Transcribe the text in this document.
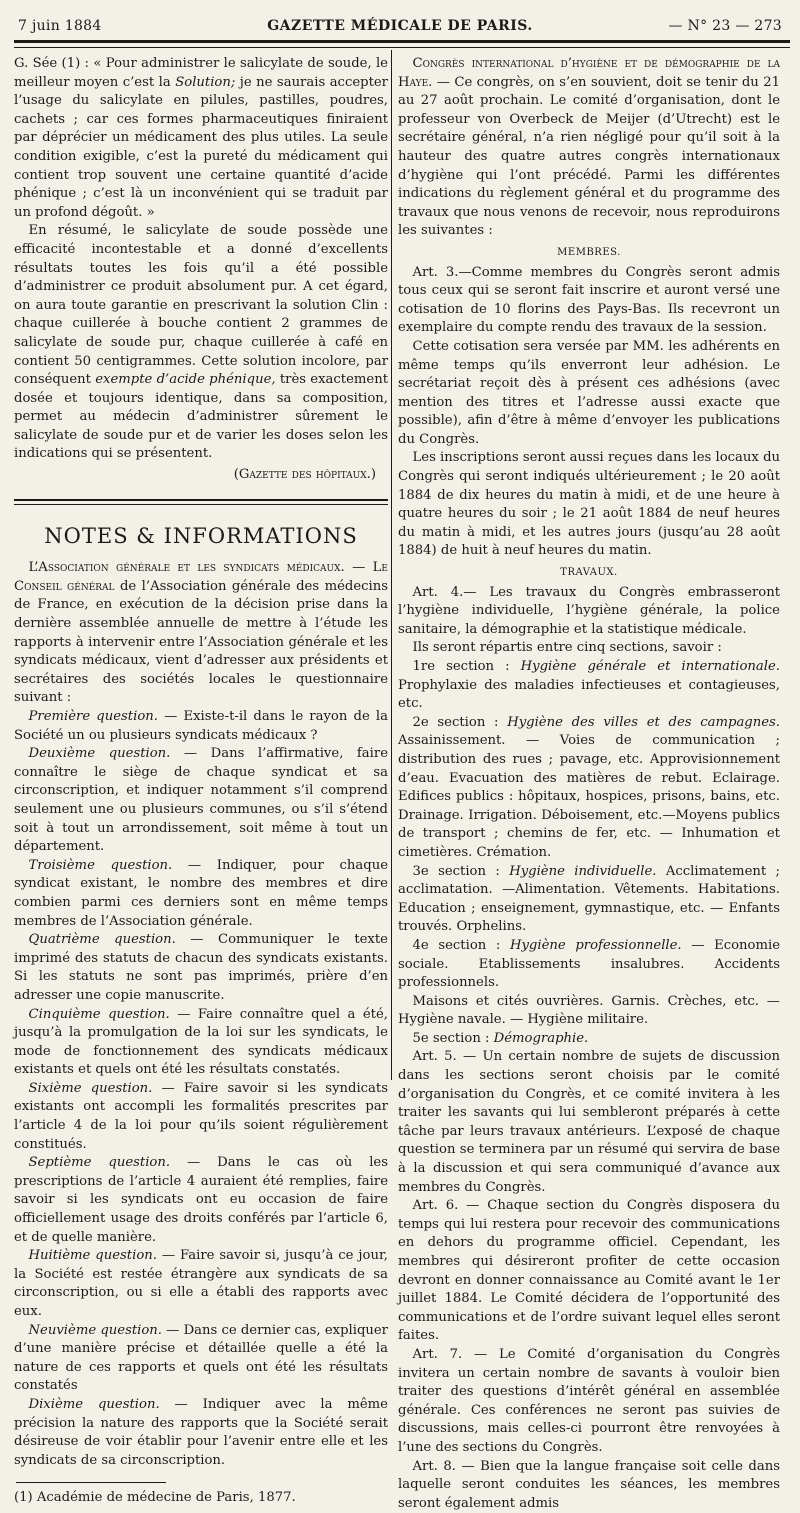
7 juin 1884	GAZETTE MÉDICALE DE PARIS.	— N° 23 — 273

G. Sée (1) : « Pour administrer le salicylate de soude, le meilleur moyen c’est la Solution; je ne saurais accepter l’usage du salicylate en pilules, pastilles, poudres, cachets ; car ces formes pharmaceutiques finiraient par déprécier un médicament des plus utiles. La seule condition exigible, c’est la pureté du médicament qui contient trop souvent une certaine quantité d’acide phénique ; c’est là un inconvénient qui se traduit par un profond dégoût. »

En résumé, le salicylate de soude possède une efficacité incontestable et a donné d’excellents résultats toutes les fois qu’il a été possible d’administrer ce produit absolument pur. A cet égard, on aura toute garantie en prescrivant la solution Clin : chaque cuillerée à bouche contient 2 grammes de salicylate de soude pur, chaque cuillerée à café en contient 50 centigrammes. Cette solution incolore, par conséquent exempte d’acide phénique, très exactement dosée et toujours identique, dans sa composition, permet au médecin d’administrer sûrement le salicylate de soude pur et de varier les doses selon les indications qui se présentent.

(Gazette des hôpitaux.)

NOTES & INFORMATIONS

L’Association générale et les syndicats médicaux. — Le Conseil général de l’Association générale des médecins de France, en exécution de la décision prise dans la dernière assemblée annuelle de mettre à l’étude les rapports à intervenir entre l’Association générale et les syndicats médicaux, vient d’adresser aux présidents et secrétaires des sociétés locales le questionnaire suivant :

Première question. — Existe-t-il dans le rayon de la Société un ou plusieurs syndicats médicaux ?

Deuxième question. — Dans l’affirmative, faire connaître le siège de chaque syndicat et sa circonscription, et indiquer notamment s’il comprend seulement une ou plusieurs communes, ou s’il s’étend soit à tout un arrondissement, soit même à tout un département.

Troisième question. — Indiquer, pour chaque syndicat existant, le nombre des membres et dire combien parmi ces derniers sont en même temps membres de l’Association générale.

Quatrième question. — Communiquer le texte imprimé des statuts de chacun des syndicats existants. Si les statuts ne sont pas imprimés, prière d’en adresser une copie manuscrite.

Cinquième question. — Faire connaître quel a été, jusqu’à la promulgation de la loi sur les syndicats, le mode de fonctionnement des syndicats médicaux existants et quels ont été les résultats constatés.

Sixième question. — Faire savoir si les syndicats existants ont accompli les formalités prescrites par l’article 4 de la loi pour qu’ils soient régulièrement constitués.

Septième question. — Dans le cas où les prescriptions de l’article 4 auraient été remplies, faire savoir si les syndicats ont eu occasion de faire officiellement usage des droits conférés par l’article 6, et de quelle manière.

Huitième question. — Faire savoir si, jusqu’à ce jour, la Société est restée étrangère aux syndicats de sa circonscription, ou si elle a établi des rapports avec eux.

Neuvième question. — Dans ce dernier cas, expliquer d’une manière précise et détaillée quelle a été la nature de ces rapports et quels ont été les résultats constatés

Dixième question. — Indiquer avec la même précision la nature des rapports que la Société serait désireuse de voir établir pour l’avenir entre elle et les syndicats de sa circonscription.

(1) Académie de médecine de Paris, 1877.

Congrès international d’hygiène et de démographie de la Haye. — Ce congrès, on s’en souvient, doit se tenir du 21 au 27 août prochain. Le comité d’organisation, dont le professeur von Overbeck de Meijer (d’Utrecht) est le secrétaire général, n’a rien négligé pour qu’il soit à la hauteur des quatre autres congrès internationaux d’hygiène qui l’ont précédé. Parmi les différentes indications du règlement général et du programme des travaux que nous venons de recevoir, nous reproduirons les suivantes :

MEMBRES.

Art. 3.—Comme membres du Congrès seront admis tous ceux qui se seront fait inscrire et auront versé une cotisation de 10 florins des Pays-Bas. Ils recevront un exemplaire du compte rendu des travaux de la session.

Cette cotisation sera versée par MM. les adhérents en même temps qu’ils enverront leur adhésion. Le secrétariat reçoit dès à présent ces adhésions (avec mention des titres et l’adresse aussi exacte que possible), afin d’être à même d’envoyer les publications du Congrès.

Les inscriptions seront aussi reçues dans les locaux du Congrès qui seront indiqués ultérieurement ; le 20 août 1884 de dix heures du matin à midi, et de une heure à quatre heures du soir ; le 21 août 1884 de neuf heures du matin à midi, et les autres jours (jusqu’au 28 août 1884) de huit à neuf heures du matin.

TRAVAUX.

Art. 4.— Les travaux du Congrès embrasseront l’hygiène individuelle, l’hygiène générale, la police sanitaire, la démographie et la statistique médicale.

Ils seront répartis entre cinq sections, savoir :

1re section : Hygiène générale et internationale. Prophylaxie des maladies infectieuses et contagieuses, etc.

2e section : Hygiène des villes et des campagnes. Assainissement. — Voies de communication ; distribution des rues ; pavage, etc. Approvisionnement d’eau. Evacuation des matières de rebut. Eclairage. Edifices publics : hôpitaux, hospices, prisons, bains, etc. Drainage. Irrigation. Déboisement, etc.—Moyens publics de transport ; chemins de fer, etc. — Inhumation et cimetières. Crémation.

3e section : Hygiène individuelle. Acclimatement ; acclimatation. —Alimentation. Vêtements. Habitations. Education ; enseignement, gymnastique, etc. — Enfants trouvés. Orphelins.

4e section : Hygiène professionnelle. — Economie sociale. Etablissements insalubres. Accidents professionnels.

Maisons et cités ouvrières. Garnis. Crèches, etc. — Hygiène navale. — Hygiène militaire.

5e section : Démographie.

Art. 5. — Un certain nombre de sujets de discussion dans les sections seront choisis par le comité d’organisation du Congrès, et ce comité invitera à les traiter les savants qui lui sembleront préparés à cette tâche par leurs travaux antérieurs. L’exposé de chaque question se terminera par un résumé qui servira de base à la discussion et qui sera communiqué d’avance aux membres du Congrès.

Art. 6. — Chaque section du Congrès disposera du temps qui lui restera pour recevoir des communications en dehors du programme officiel. Cependant, les membres qui désireront profiter de cette occasion devront en donner connaissance au Comité avant le 1er juillet 1884. Le Comité décidera de l’opportunité des communications et de l’ordre suivant lequel elles seront faites.

Art. 7. — Le Comité d’organisation du Congrès invitera un certain nombre de savants à vouloir bien traiter des questions d’intérêt général en assemblée générale. Ces conférences ne seront pas suivies de discussions, mais celles-ci pourront être renvoyées à l’une des sections du Congrès.

Art. 8. — Bien que la langue française soit celle dans laquelle seront conduites les séances, les membres seront également admis
